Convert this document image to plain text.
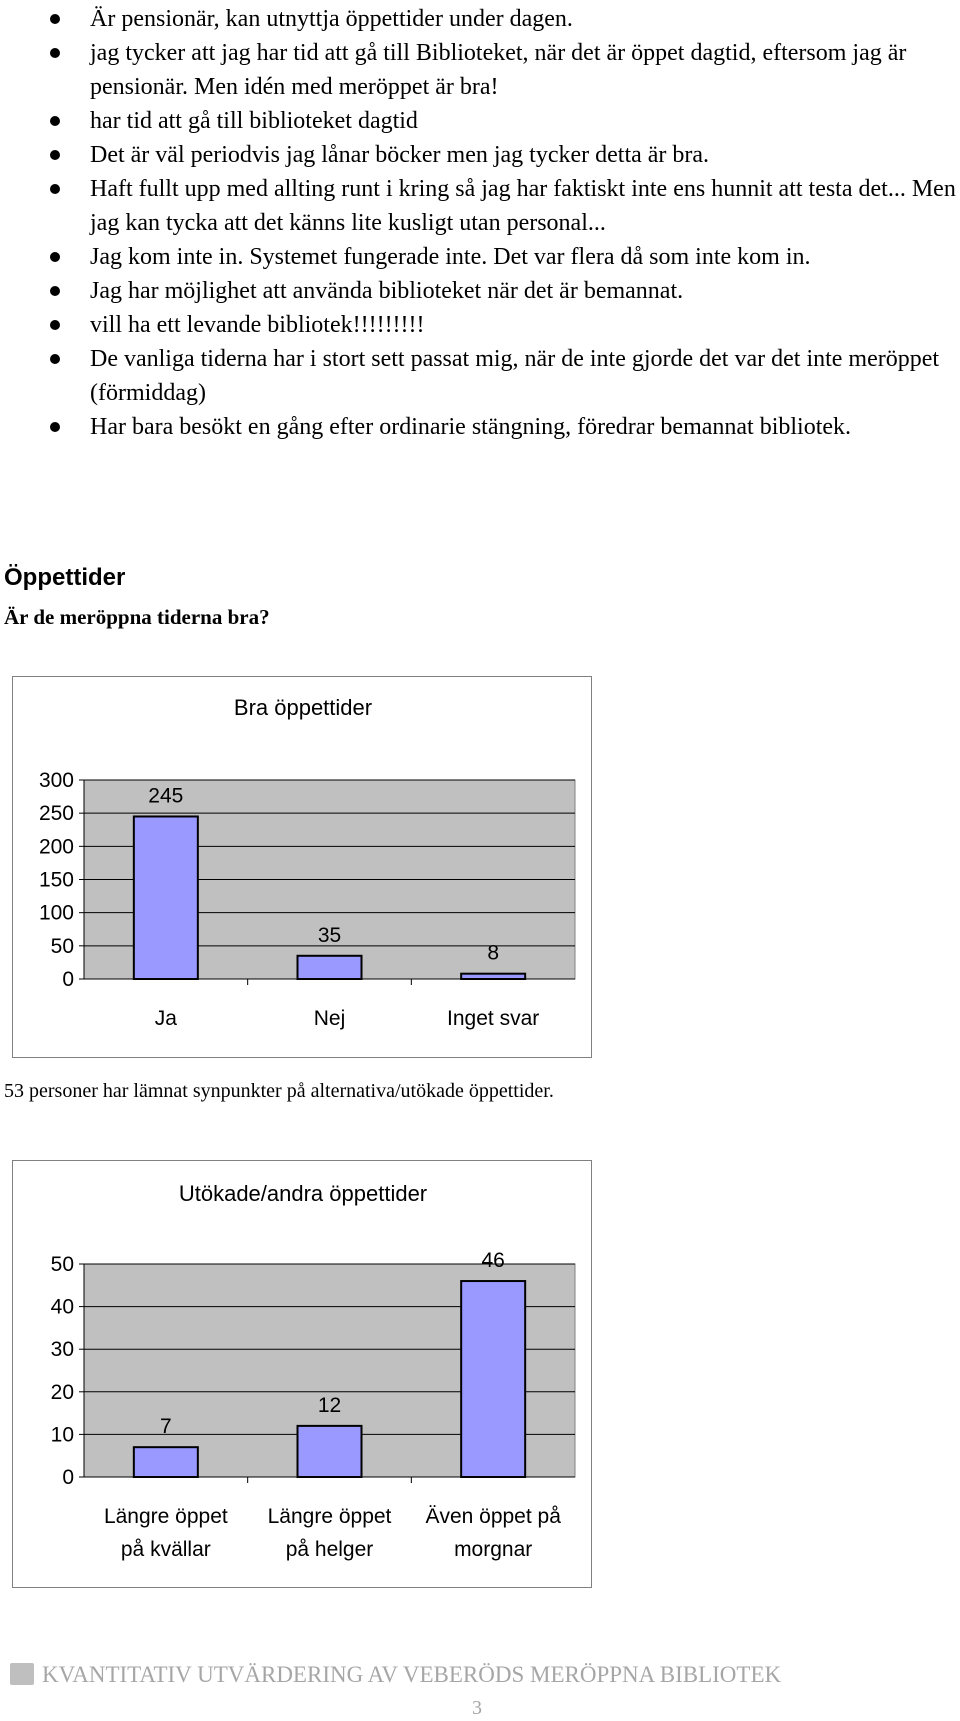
Är pensionär, kan utnyttja öppettider under dagen.
jag tycker att jag har tid att gå till Biblioteket, när det är öppet dagtid, eftersom jag är pensionär. Men idén med meröppet är bra!
har tid att gå till biblioteket dagtid
Det är väl periodvis jag lånar böcker men jag tycker detta är bra.
Haft fullt upp med allting runt i kring så jag har faktiskt inte ens hunnit att testa det... Men jag kan tycka att det känns lite kusligt utan personal...
Jag kom inte in. Systemet fungerade inte. Det var flera då som inte kom in.
Jag har möjlighet att använda biblioteket när det är bemannat.
vill ha ett levande bibliotek!!!!!!!!!
De vanliga tiderna har i stort sett passat mig, när de inte gjorde det var det inte meröppet (förmiddag)
Har bara besökt en gång efter ordinarie stängning, föredrar bemannat bibliotek.
Öppettider
Är de meröppna tiderna bra?
Bra öppettider
0
50
100
150
200
250
300
245
Ja
35
Nej
8
Inget svar
53 personer har lämnat synpunkter på alternativa/utökade öppettider.
Utökade/andra öppettider
0
10
20
30
40
50
7
Längre öppet
på kvällar
12
Längre öppet
på helger
46
Även öppet på
morgnar
KVANTITATIV UTVÄRDERING AV VEBERÖDS MERÖPPNA BIBLIOTEK
3
